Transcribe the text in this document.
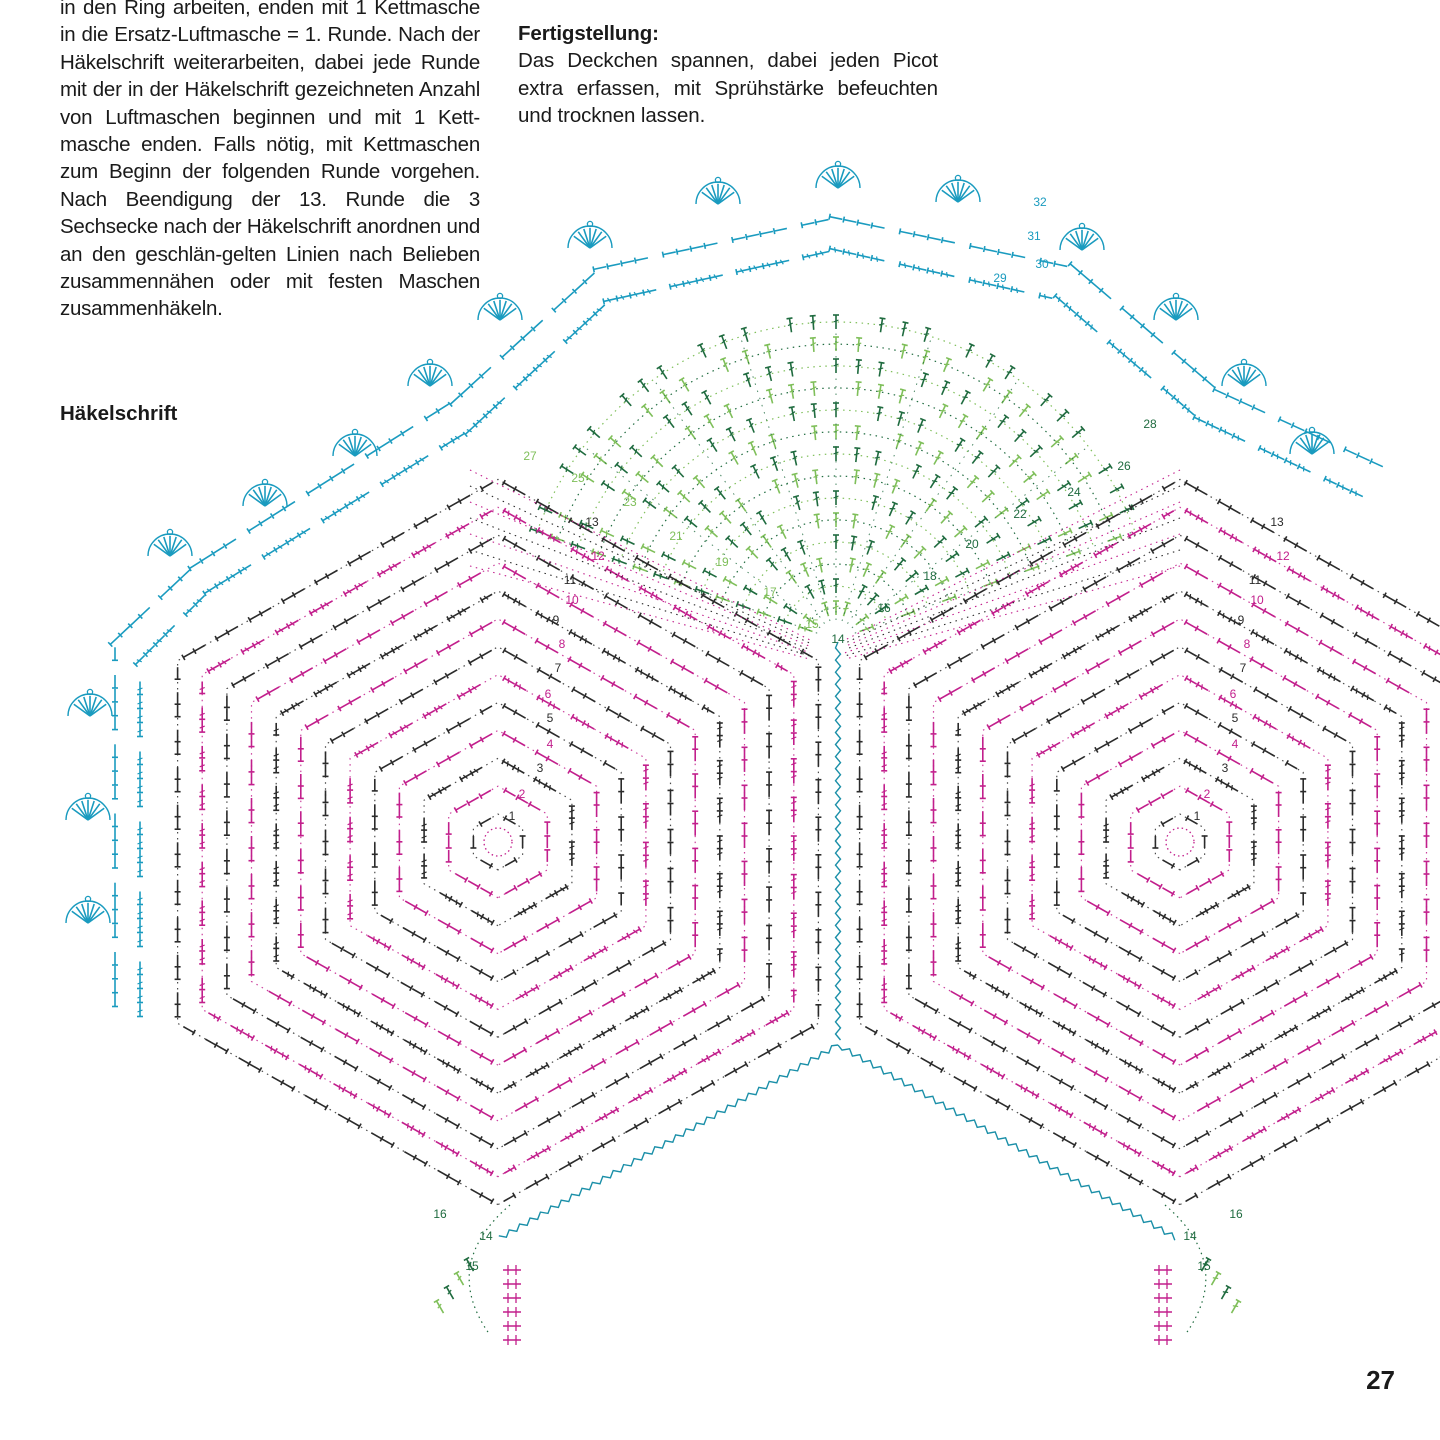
in den Ring arbeiten, enden mit 1 Kettmasche in die Ersatz-Luftmasche = 1. Runde. Nach der Häkelschrift weiterarbeiten, dabei jede Runde mit der in der Häkelschrift gezeichneten Anzahl von Luftmaschen beginnen und mit 1 Kett-masche enden. Falls nötig, mit Kettmaschen zum Beginn der folgenden Runde vorgehen. Nach Beendigung der 13. Runde die 3 Sechsecke nach der Häkelschrift anordnen und an den geschlän-gelten Linien nach Belieben zusammennähen oder mit festen Maschen zusammenhäkeln.

Fertigstellung:

Das Deckchen spannen, dabei jeden Picot extra erfassen, mit Sprühstärke befeuchten und trocknen lassen.

Häkelschrift

1	1
2	2
3	3
4	4
5	5
6	6
7	7
8	8
9	9
10	10
11	11
12	12
13	13
14
15
16
17
18
19
20
21
22
23
24
25
26
27
28
29
30
31
32
14	14
15	15
16	16
27
